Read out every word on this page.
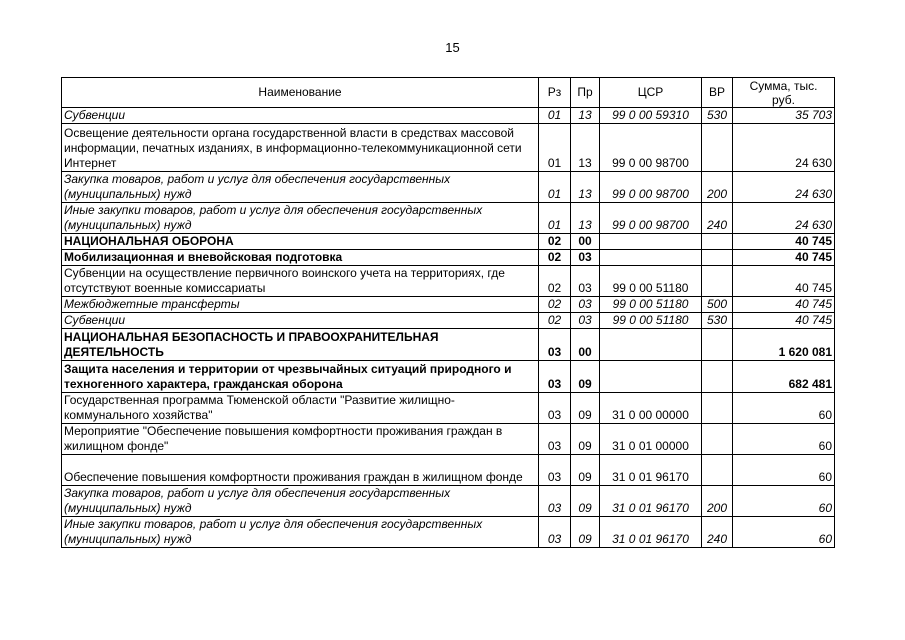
15
Наименование	Рз	Пр	ЦСР	ВР	Сумма, тыс. руб.
Субвенции	01	13	99 0 00 59310	530	35 703
Освещение деятельности органа государственной власти в средствах массовой информации, печатных изданиях, в информационно-телекоммуникационной сети Интернет	01	13	99 0 00 98700		24 630
Закупка товаров, работ и услуг для обеспечения государственных (муниципальных) нужд	01	13	99 0 00 98700	200	24 630
Иные закупки товаров, работ и услуг для обеспечения государственных (муниципальных) нужд	01	13	99 0 00 98700	240	24 630
НАЦИОНАЛЬНАЯ ОБОРОНА	02	00			40 745
Мобилизационная и вневойсковая подготовка	02	03			40 745
Субвенции на осуществление первичного воинского учета на территориях, где отсутствуют военные комиссариаты	02	03	99 0 00 51180		40 745
Межбюджетные трансферты	02	03	99 0 00 51180	500	40 745
Субвенции	02	03	99 0 00 51180	530	40 745
НАЦИОНАЛЬНАЯ БЕЗОПАСНОСТЬ И ПРАВООХРАНИТЕЛЬНАЯ ДЕЯТЕЛЬНОСТЬ	03	00			1 620 081
Защита населения и территории от чрезвычайных ситуаций природного и техногенного характера, гражданская оборона	03	09			682 481
Государственная программа Тюменской области "Развитие жилищно-коммунального хозяйства"	03	09	31 0 00 00000		60
Мероприятие "Обеспечение повышения комфортности проживания граждан в жилищном фонде"	03	09	31 0 01 00000		60
Обеспечение повышения комфортности проживания граждан в жилищном фонде	03	09	31 0 01 96170		60
Закупка товаров, работ и услуг для обеспечения государственных (муниципальных) нужд	03	09	31 0 01 96170	200	60
Иные закупки товаров, работ и услуг для обеспечения государственных (муниципальных) нужд	03	09	31 0 01 96170	240	60
